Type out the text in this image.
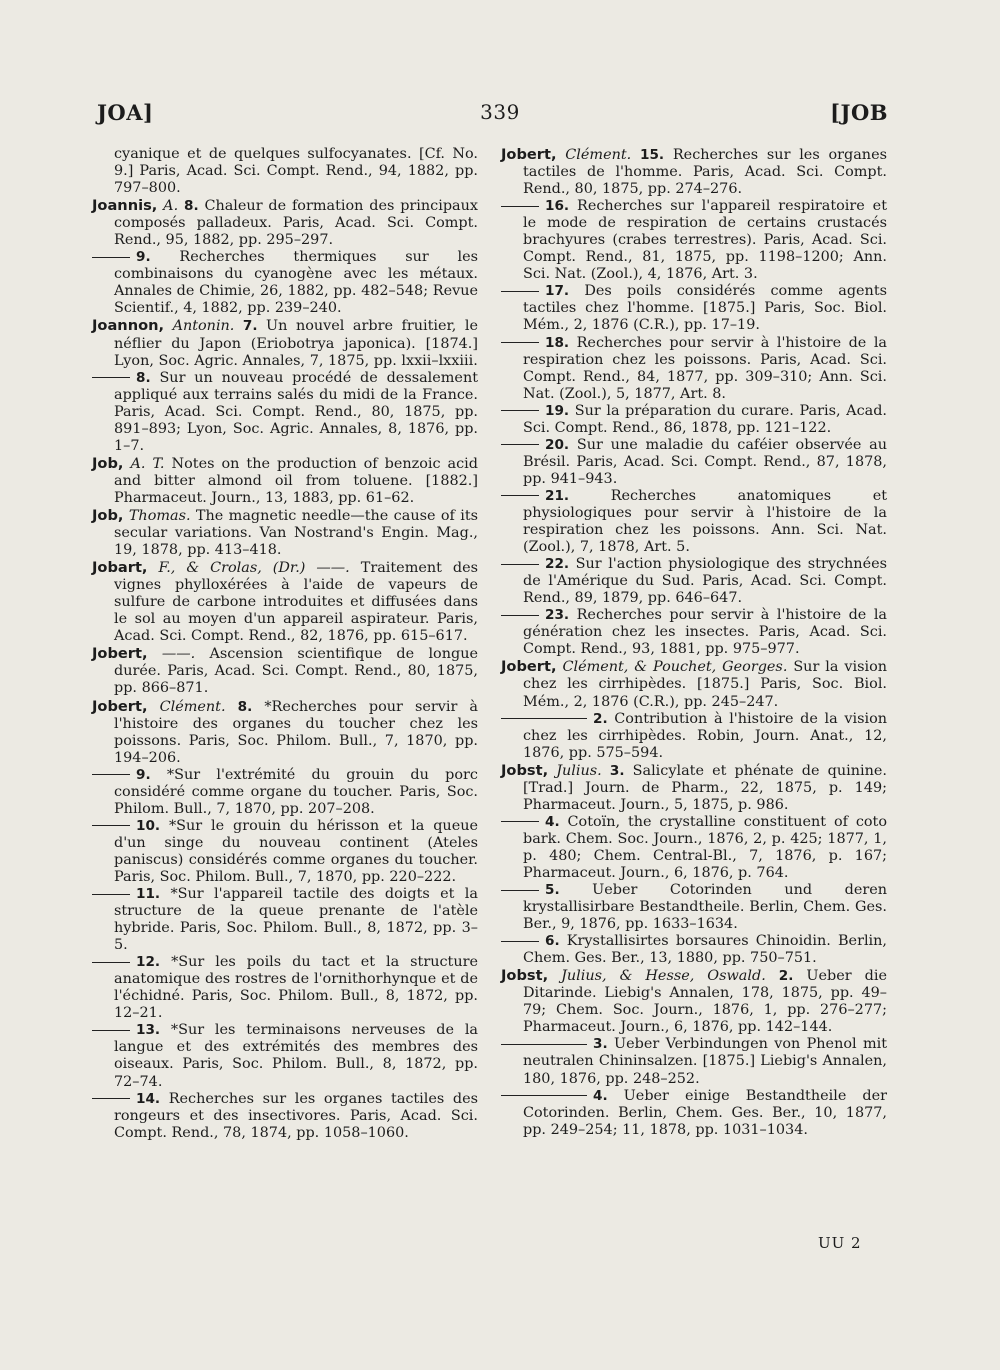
JOA]	339	[JOB

cyanique et de quelques sulfocyanates. [Cf. No. 9.] Paris, Acad. Sci. Compt. Rend., 94, 1882, pp. 797–800.

Joannis, A. 8. Chaleur de formation des principaux composés palladeux. Paris, Acad. Sci. Compt. Rend., 95, 1882, pp. 295–297.

9. Recherches thermiques sur les combinaisons du cyanogène avec les métaux. Annales de Chimie, 26, 1882, pp. 482–548; Revue Scientif., 4, 1882, pp. 239–240.

Joannon, Antonin. 7. Un nouvel arbre fruitier, le néflier du Japon (Eriobotrya japonica). [1874.] Lyon, Soc. Agric. Annales, 7, 1875, pp. lxxii–lxxiii.

8. Sur un nouveau procédé de dessalement appliqué aux terrains salés du midi de la France. Paris, Acad. Sci. Compt. Rend., 80, 1875, pp. 891–893; Lyon, Soc. Agric. Annales, 8, 1876, pp. 1–7.

Job, A. T. Notes on the production of benzoic acid and bitter almond oil from toluene. [1882.] Pharmaceut. Journ., 13, 1883, pp. 61–62.

Job, Thomas. The magnetic needle—the cause of its secular variations. Van Nostrand's Engin. Mag., 19, 1878, pp. 413–418.

Jobart, F., & Crolas, (Dr.) ——. Traitement des vignes phylloxérées à l'aide de vapeurs de sulfure de carbone introduites et diffusées dans le sol au moyen d'un appareil aspirateur. Paris, Acad. Sci. Compt. Rend., 82, 1876, pp. 615–617.

Jobert, ——. Ascension scientifique de longue durée. Paris, Acad. Sci. Compt. Rend., 80, 1875, pp. 866–871.

Jobert, Clément. 8. *Recherches pour servir à l'histoire des organes du toucher chez les poissons. Paris, Soc. Philom. Bull., 7, 1870, pp. 194–206.

9. *Sur l'extrémité du grouin du porc considéré comme organe du toucher. Paris, Soc. Philom. Bull., 7, 1870, pp. 207–208.

10. *Sur le grouin du hérisson et la queue d'un singe du nouveau continent (Ateles paniscus) considérés comme organes du toucher. Paris, Soc. Philom. Bull., 7, 1870, pp. 220–222.

11. *Sur l'appareil tactile des doigts et la structure de la queue prenante de l'atèle hybride. Paris, Soc. Philom. Bull., 8, 1872, pp. 3–5.

12. *Sur les poils du tact et la structure anatomique des rostres de l'ornithorhynque et de l'échidné. Paris, Soc. Philom. Bull., 8, 1872, pp. 12–21.

13. *Sur les terminaisons nerveuses de la langue et des extrémités des membres des oiseaux. Paris, Soc. Philom. Bull., 8, 1872, pp. 72–74.

14. Recherches sur les organes tactiles des rongeurs et des insectivores. Paris, Acad. Sci. Compt. Rend., 78, 1874, pp. 1058–1060.

Jobert, Clément. 15. Recherches sur les organes tactiles de l'homme. Paris, Acad. Sci. Compt. Rend., 80, 1875, pp. 274–276.

16. Recherches sur l'appareil respiratoire et le mode de respiration de certains crustacés brachyures (crabes terrestres). Paris, Acad. Sci. Compt. Rend., 81, 1875, pp. 1198–1200; Ann. Sci. Nat. (Zool.), 4, 1876, Art. 3.

17. Des poils considérés comme agents tactiles chez l'homme. [1875.] Paris, Soc. Biol. Mém., 2, 1876 (C.R.), pp. 17–19.

18. Recherches pour servir à l'histoire de la respiration chez les poissons. Paris, Acad. Sci. Compt. Rend., 84, 1877, pp. 309–310; Ann. Sci. Nat. (Zool.), 5, 1877, Art. 8.

19. Sur la préparation du curare. Paris, Acad. Sci. Compt. Rend., 86, 1878, pp. 121–122.

20. Sur une maladie du caféier observée au Brésil. Paris, Acad. Sci. Compt. Rend., 87, 1878, pp. 941–943.

21.	Recherches anatomiques et physiologiques pour servir à l'histoire de la respiration chez les poissons. Ann. Sci. Nat. (Zool.), 7, 1878, Art. 5.

22. Sur l'action physiologique des strychnées de l'Amérique du Sud. Paris, Acad. Sci. Compt. Rend., 89, 1879, pp. 646–647.

23. Recherches pour servir à l'histoire de la génération chez les insectes. Paris, Acad. Sci. Compt. Rend., 93, 1881, pp. 975–977.

Jobert, Clément, & Pouchet, Georges. Sur la vision chez les cirrhipèdes. [1875.] Paris, Soc. Biol. Mém., 2, 1876 (C.R.), pp. 245–247.

2. Contribution à l'histoire de la vision chez les cirrhipèdes. Robin, Journ. Anat., 12, 1876, pp. 575–594.

Jobst, Julius. 3. Salicylate et phénate de quinine. [Trad.] Journ. de Pharm., 22, 1875, p. 149; Pharmaceut. Journ., 5, 1875, p. 986.

4. Cotoïn, the crystalline constituent of coto bark. Chem. Soc. Journ., 1876, 2, p. 425; 1877, 1, p. 480; Chem. Central-Bl., 7, 1876, p. 167; Pharmaceut. Journ., 6, 1876, p. 764.

5. Ueber Cotorinden und deren krystallisirbare Bestandtheile. Berlin, Chem. Ges. Ber., 9, 1876, pp. 1633–1634.

6. Krystallisirtes borsaures Chinoidin. Berlin, Chem. Ges. Ber., 13, 1880, pp. 750–751.

Jobst, Julius, & Hesse, Oswald. 2. Ueber die Ditarinde. Liebig's Annalen, 178, 1875, pp. 49–79; Chem. Soc. Journ., 1876, 1, pp. 276–277; Pharmaceut. Journ., 6, 1876, pp. 142–144.

3. Ueber Verbindungen von Phenol mit neutralen Chininsalzen. [1875.] Liebig's Annalen, 180, 1876, pp. 248–252.

4. Ueber einige Bestandtheile der Cotorinden. Berlin, Chem. Ges. Ber., 10, 1877, pp. 249–254; 11, 1878, pp. 1031–1034.

UU 2
